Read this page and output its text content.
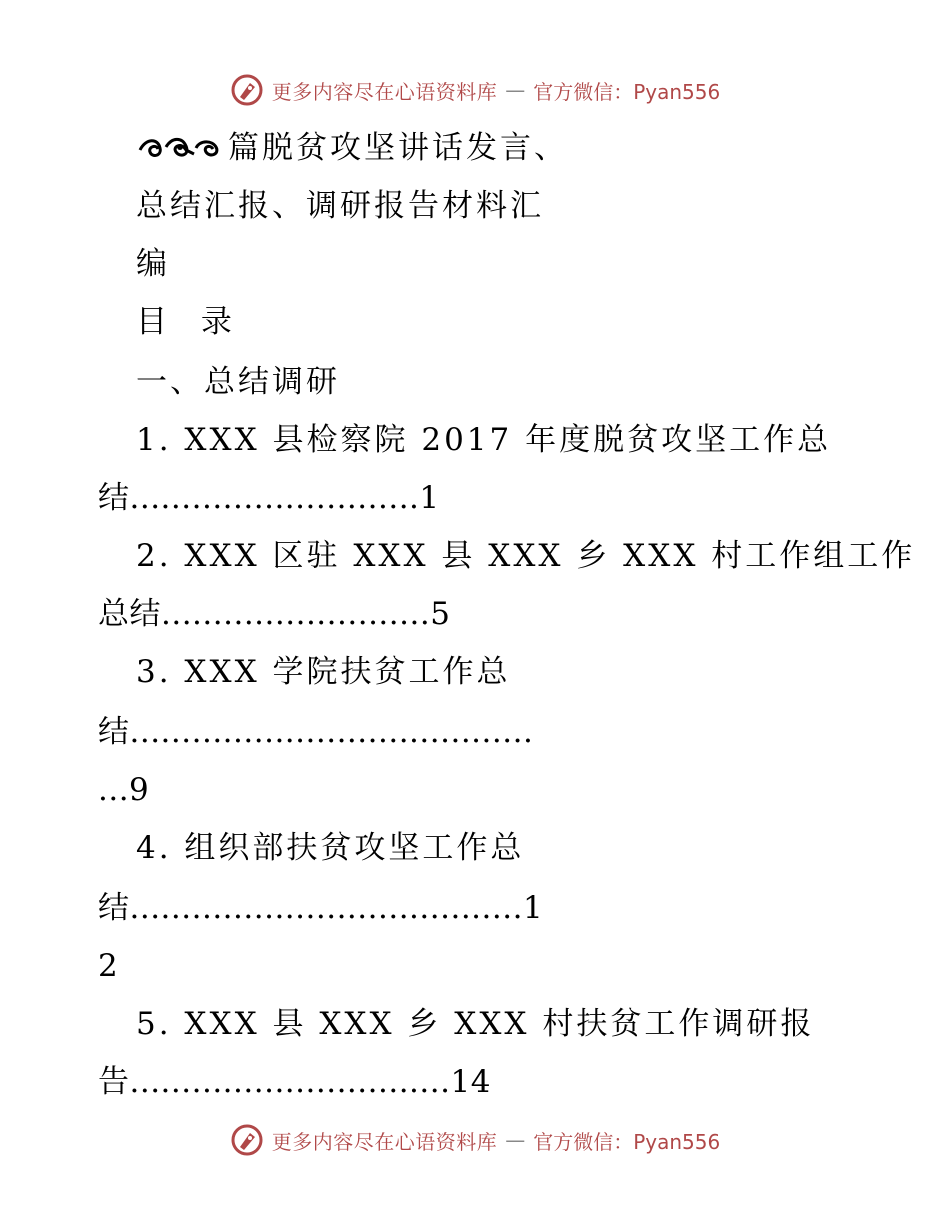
更多内容尽在心语资料库 — 官方微信：Pyan556
篇脱贫攻坚讲话发言、
总结汇报、调研报告材料汇
编
目 录
一、总结调研
1. XXX 县检察院 2017 年度脱贫攻坚工作总
结............................1
2. XXX 区驻 XXX 县 XXX 乡 XXX 村工作组工作
总结..........................5
3. XXX 学院扶贫工作总
结.......................................
...9
4. 组织部扶贫攻坚工作总
结......................................1
2
5. XXX 县 XXX 乡 XXX 村扶贫工作调研报
告...............................14
更多内容尽在心语资料库 — 官方微信：Pyan556
